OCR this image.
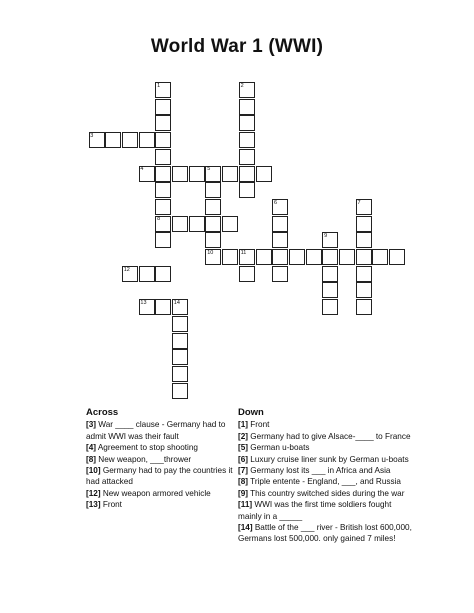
World War 1 (WWI)
1	2
3
4	5
6	7
8
9
10	11
12
13	14
Across

[3] War ____ clause - Germany had to admit WWI was their fault

[4] Agreement to stop shooting

[8] New weapon, ___thrower

[10] Germany had to pay the countries it had attacked

[12] New weapon armored vehicle

[13] Front

Down

[1] Front

[2] Germany had to give Alsace-____ to France

[5] German u-boats

[6] Luxury cruise liner sunk by German u-boats

[7] Germany lost its ___ in Africa and Asia

[8] Triple entente - England, ___, and Russia

[9] This country switched sides during the war

[11] WWI was the first time soldiers fought mainly in a _____

[14] Battle of the ___ river - British lost 600,000, Germans lost 500,000. only gained 7 miles!
